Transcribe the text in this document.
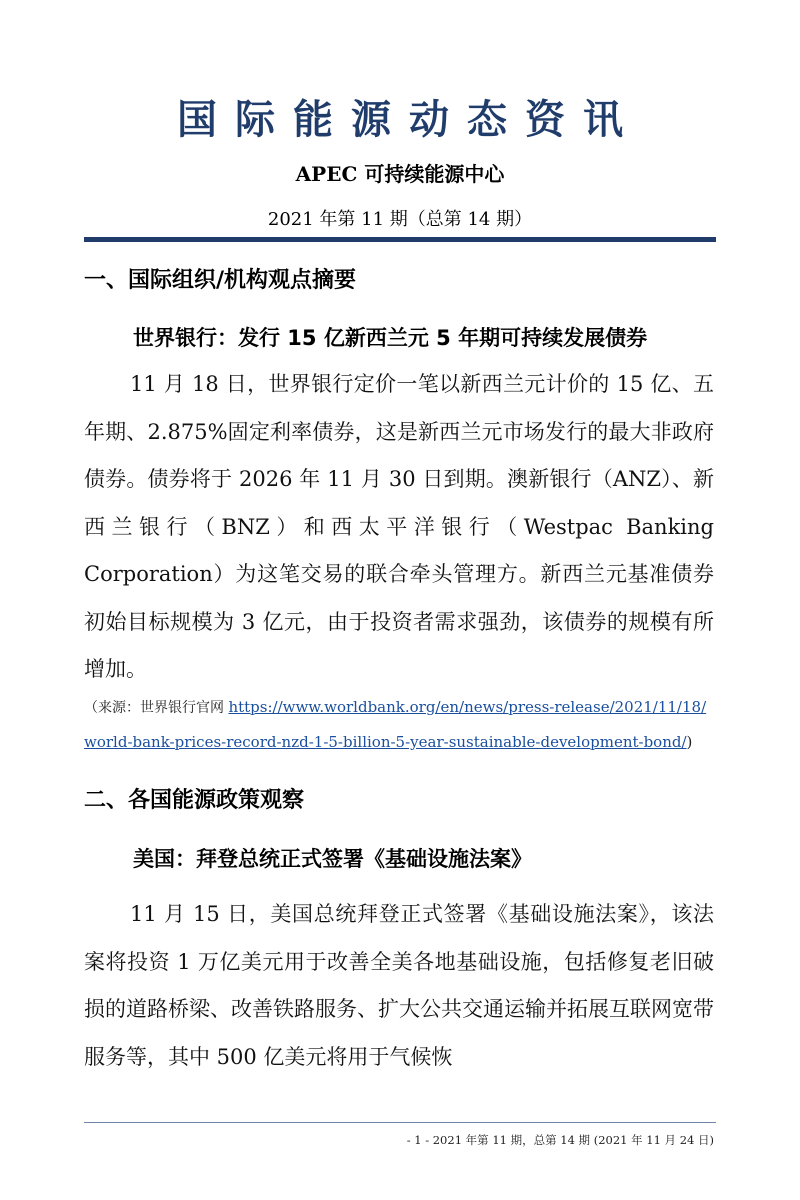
国际能源动态资讯
APEC 可持续能源中心
2021 年第 11 期（总第 14 期）
一、国际组织/机构观点摘要
世界银行：发行 15 亿新西兰元 5 年期可持续发展债券
11 月 18 日，世界银行定价一笔以新西兰元计价的 15 亿、五年期、2.875%固定利率债券，这是新西兰元市场发行的最大非政府债券。债券将于 2026 年 11 月 30 日到期。澳新银行（ANZ）、新西兰银行（BNZ）和西太平洋银行（Westpac Banking Corporation）为这笔交易的联合牵头管理方。新西兰元基准债券初始目标规模为 3 亿元，由于投资者需求强劲，该债券的规模有所增加。
（来源：世界银行官网 https://www.worldbank.org/en/news/press-release/2021/11/18/world-bank-prices-record-nzd-1-5-billion-5-year-sustainable-development-bond/)
二、各国能源政策观察
美国：拜登总统正式签署《基础设施法案》
11 月 15 日，美国总统拜登正式签署《基础设施法案》，该法案将投资 1 万亿美元用于改善全美各地基础设施，包括修复老旧破损的道路桥梁、改善铁路服务、扩大公共交通运输并拓展互联网宽带服务等，其中 500 亿美元将用于气候恢
- 1 - 2021 年第 11 期，总第 14 期 (2021 年 11 月 24 日)
